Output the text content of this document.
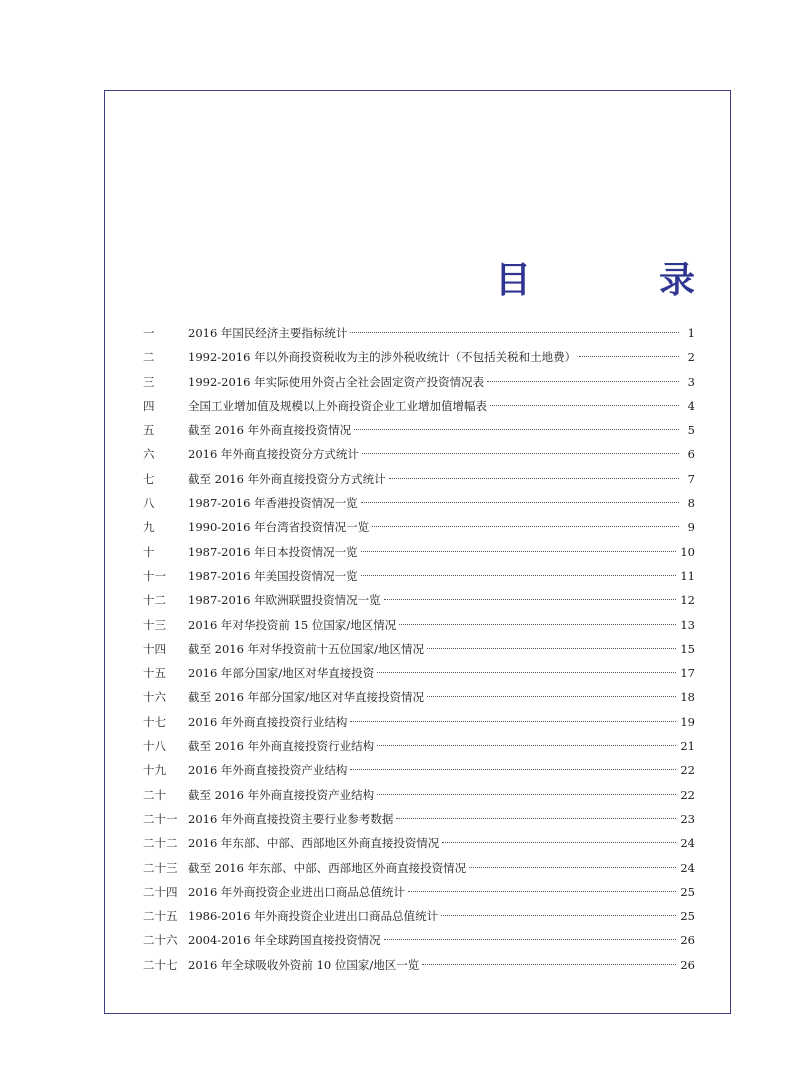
目　录
一	2016 年国民经济主要指标统计	1
二	1992-2016 年以外商投资税收为主的涉外税收统计（不包括关税和土地费）	2
三	1992-2016 年实际使用外资占全社会固定资产投资情况表	3
四	全国工业增加值及规模以上外商投资企业工业增加值增幅表	4
五	截至 2016 年外商直接投资情况	5
六	2016 年外商直接投资分方式统计	6
七	截至 2016 年外商直接投资分方式统计	7
八	1987-2016 年香港投资情况一览	8
九	1990-2016 年台湾省投资情况一览	9
十	1987-2016 年日本投资情况一览	10
十一	1987-2016 年美国投资情况一览	11
十二	1987-2016 年欧洲联盟投资情况一览	12
十三	2016 年对华投资前 15 位国家/地区情况	13
十四	截至 2016 年对华投资前十五位国家/地区情况	15
十五	2016 年部分国家/地区对华直接投资	17
十六	截至 2016 年部分国家/地区对华直接投资情况	18
十七	2016 年外商直接投资行业结构	19
十八	截至 2016 年外商直接投资行业结构	21
十九	2016 年外商直接投资产业结构	22
二十	截至 2016 年外商直接投资产业结构	22
二十一 2016 年外商直接投资主要行业参考数据	23
二十二 2016 年东部、中部、西部地区外商直接投资情况	24
二十三 截至 2016 年东部、中部、西部地区外商直接投资情况	24
二十四 2016 年外商投资企业进出口商品总值统计	25
二十五 1986-2016 年外商投资企业进出口商品总值统计	25
二十六 2004-2016 年全球跨国直接投资情况	26
二十七 2016 年全球吸收外资前 10 位国家/地区一览	26
